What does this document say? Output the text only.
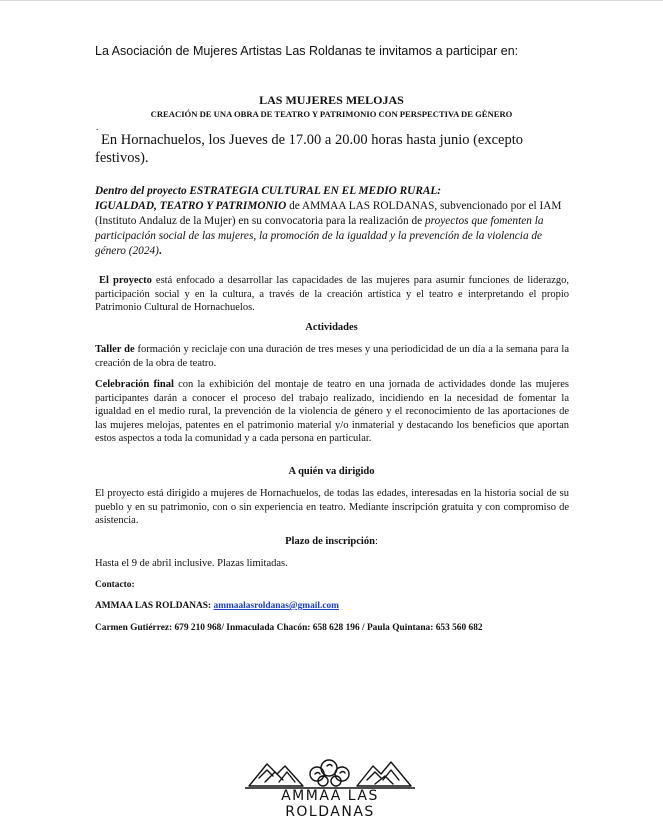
La Asociación de Mujeres Artistas Las Roldanas te invitamos a participar en:
LAS MUJERES MELOJAS
CREACIÓN DE UNA OBRA DE TEATRO Y PATRIMONIO CON PERSPECTIVA DE GÉNERO
.
En Hornachuelos, los Jueves de 17.00 a 20.00 horas hasta junio (excepto festivos).
Dentro del proyecto ESTRATEGIA CULTURAL EN EL MEDIO RURAL:
IGUALDAD, TEATRO Y PATRIMONIO de AMMAA LAS ROLDANAS, subvencionado por el IAM (Instituto Andaluz de la Mujer) en su convocatoria para la realización de proyectos que fomenten la participación social de las mujeres, la promoción de la igualdad y la prevención de la violencia de género (2024).
El proyecto está enfocado a desarrollar las capacidades de las mujeres para asumir funciones de liderazgo, participación social y en la cultura, a través de la creación artística y el teatro e interpretando el propio Patrimonio Cultural de Hornachuelos.
Actividades
Taller de formación y reciclaje con una duración de tres meses y una periodicidad de un día a la semana para la creación de la obra de teatro.
Celebración final con la exhibición del montaje de teatro en una jornada de actividades donde las mujeres participantes darán a conocer el proceso del trabajo realizado, incidiendo en la necesidad de fomentar la igualdad en el medio rural, la prevención de la violencia de género y el reconocimiento de las aportaciones de las mujeres melojas, patentes en el patrimonio material y/o inmaterial y destacando los beneficios que aportan estos aspectos a toda la comunidad y a cada persona en particular.
A quién va dirigido
El proyecto está dirigido a mujeres de Hornachuelos, de todas las edades, interesadas en la historia social de su pueblo y en su patrimonio, con o sin experiencia en teatro. Mediante inscripción gratuita y con compromiso de asistencia.
Plazo de inscripción:
Hasta el 9 de abril inclusive. Plazas limitadas.
Contacto:
AMMAA LAS ROLDANAS: ammaalasroldanas@gmail.com
Carmen Gutiérrez: 679 210 968/ Inmaculada Chacón: 658 628 196 / Paula Quintana: 653 560 682
AMMAA LAS ROLDANAS
